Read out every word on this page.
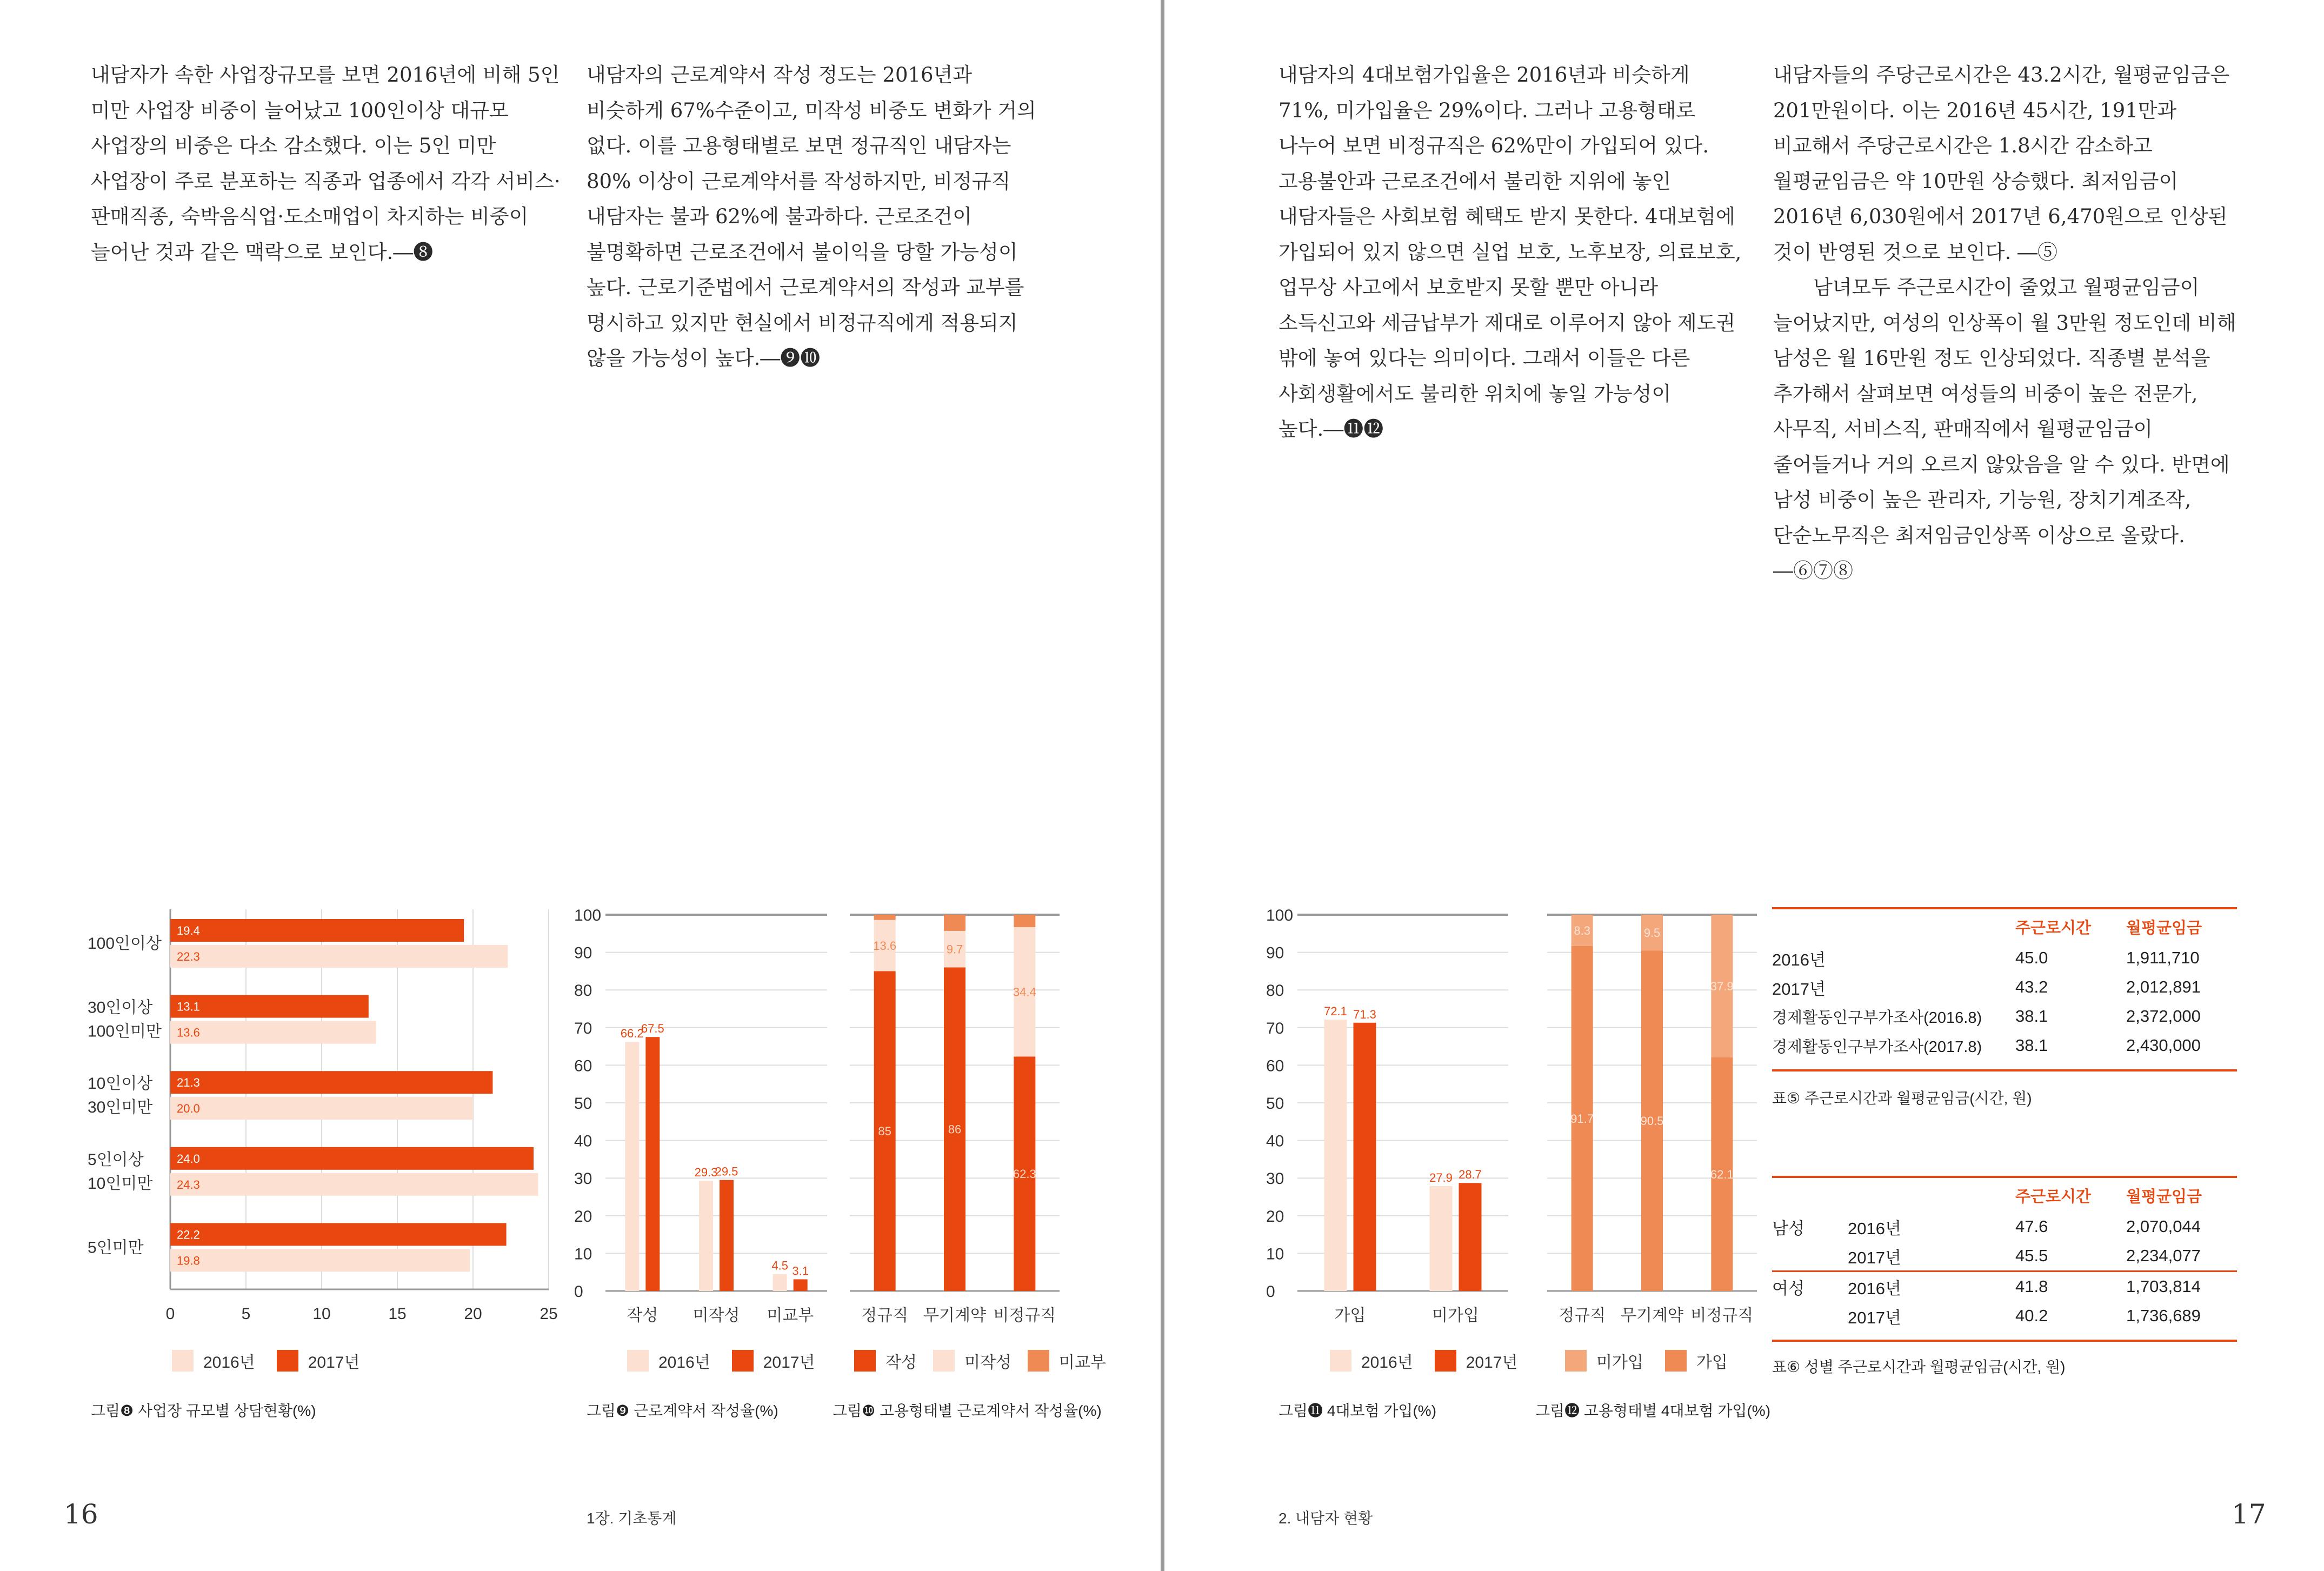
내담자가 속한 사업장규모를 보면 2016년에 비해 5인 미만 사업장 비중이 늘어났고 100인이상 대규모 사업장의 비중은 다소 감소했다. 이는 5인 미만 사업장이 주로 분포하는 직종과 업종에서 각각 서비스·판매직종, 숙박음식업·도소매업이 차지하는 비중이 늘어난 것과 같은 맥락으로 보인다.―❽

내담자의 근로계약서 작성 정도는 2016년과 비슷하게 67%수준이고, 미작성 비중도 변화가 거의 없다. 이를 고용형태별로 보면 정규직인 내담자는 80% 이상이 근로계약서를 작성하지만, 비정규직 내담자는 불과 62%에 불과하다. 근로조건이 불명확하면 근로조건에서 불이익을 당할 가능성이 높다. 근로기준법에서 근로계약서의 작성과 교부를 명시하고 있지만 현실에서 비정규직에게 적용되지 않을 가능성이 높다.―❾❿

내담자의 4대보험가입율은 2016년과 비슷하게 71%, 미가입율은 29%이다. 그러나 고용형태로 나누어 보면 비정규직은 62%만이 가입되어 있다. 고용불안과 근로조건에서 불리한 지위에 놓인 내담자들은 사회보험 혜택도 받지 못한다. 4대보험에 가입되어 있지 않으면 실업 보호, 노후보장, 의료보호, 업무상 사고에서 보호받지 못할 뿐만 아니라 소득신고와 세금납부가 제대로 이루어지 않아 제도권 밖에 놓여 있다는 의미이다. 그래서 이들은 다른 사회생활에서도 불리한 위치에 놓일 가능성이 높다.―⓫⓬

내담자들의 주당근로시간은 43.2시간, 월평균임금은 201만원이다. 이는 2016년 45시간, 191만과 비교해서 주당근로시간은 1.8시간 감소하고 월평균임금은 약 10만원 상승했다. 최저임금이 2016년 6,030원에서 2017년 6,470원으로 인상된 것이 반영된 것으로 보인다. ―⑤

남녀모두 주근로시간이 줄었고 월평균임금이 늘어났지만, 여성의 인상폭이 월 3만원 정도인데 비해 남성은 월 16만원 정도 인상되었다. 직종별 분석을 추가해서 살펴보면 여성들의 비중이 높은 전문가, 사무직, 서비스직, 판매직에서 월평균임금이 줄어들거나 거의 오르지 않았음을 알 수 있다. 반면에 남성 비중이 높은 관리자, 기능원, 장치기계조작, 단순노무직은 최저임금인상폭 이상으로 올랐다. ―⑥⑦⑧

0	5	10	15	20	25
19.4
22.3
100인이상
13.1
13.6
30인이상
100인미만
21.3
20.0
10인이상
30인미만
24.0
24.3
5인이상
10인미만
22.2
19.8
5인미만
2016년	2017년
그림❽ 사업장 규모별 상담현황(%)
0
10
20
30
40
50
60
70
80
90
100
66.2
67.5
작성
29.3
29.5
미작성
4.5 3.1
미교부
2016년	2017년
그림❾ 근로계약서 작성율(%)
85
13.6
정규직
86
9.7
무기계약
62.3
34.4
비정규직
작성	미작성	미교부
그림❿ 고용형태별 근로계약서 작성율(%)
0
10
20
30
40
50
60
70
80
90
100
72.1 71.3
가입
27.9 28.7
미가입
2016년	2017년
그림⓫ 4대보험 가입(%)
91.7
8.3
정규직
90.5
9.5
무기계약
62.1
37.9
비정규직
미가입	가입
그림⓬ 고용형태별 4대보험 가입(%)
	주근로시간	월평균임금
2016년	45.0	1,911,710
2017년	43.2	2,012,891
경제활동인구부가조사(2016.8)	38.1	2,372,000
경제활동인구부가조사(2017.8)	38.1	2,430,000
표⑤ 주근로시간과 월평균임금(시간, 원)
		주근로시간	월평균임금
남성	2016년	47.6	2,070,044
	2017년	45.5	2,234,077
여성	2016년	41.8	1,703,814
	2017년	40.2	1,736,689
표⑥ 성별 주근로시간과 월평균임금(시간, 원)
16	1장. 기초통계	2. 내담자 현황	17
